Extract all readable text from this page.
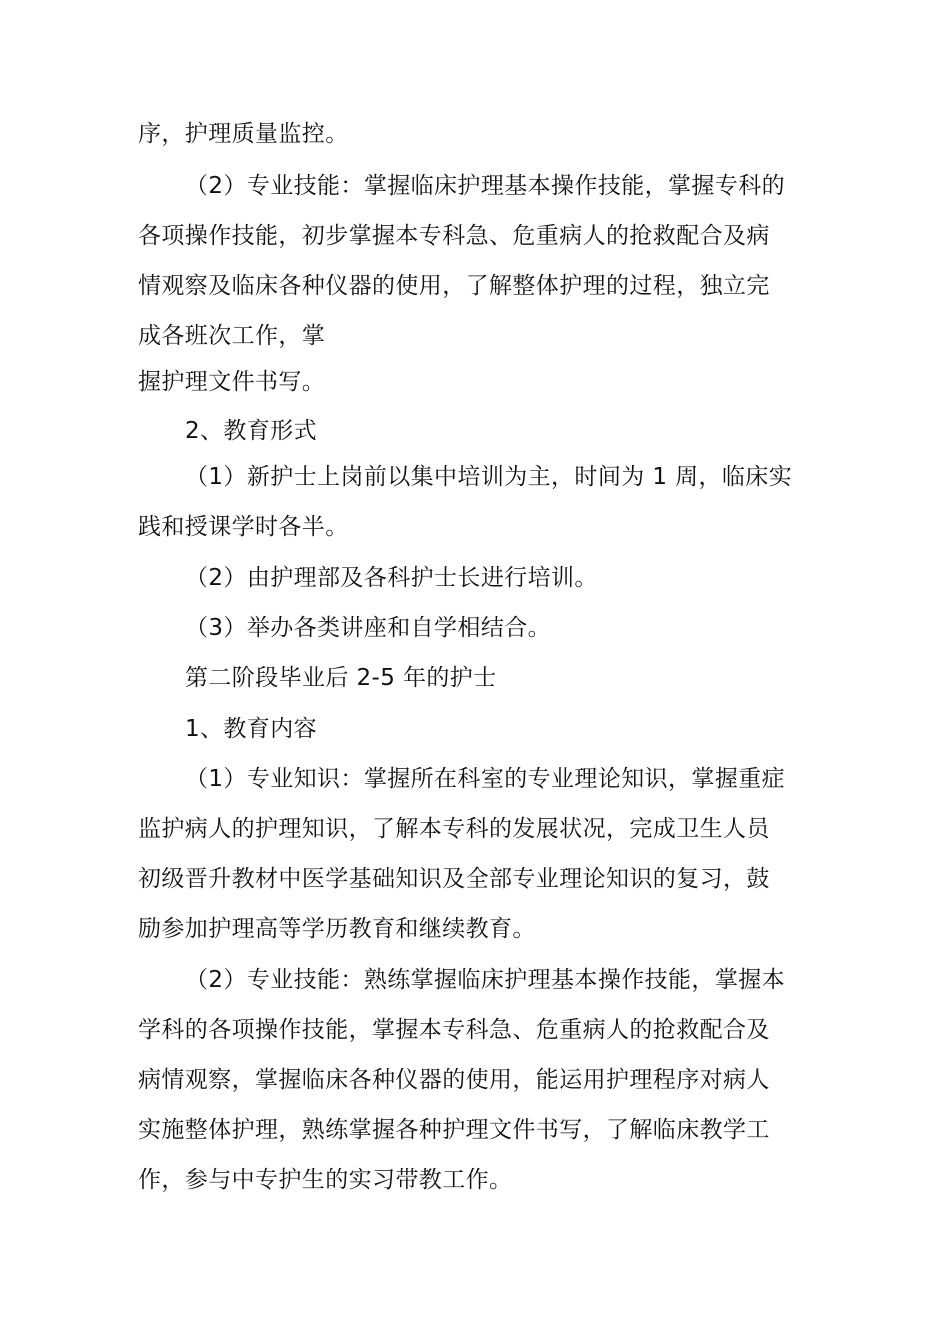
序，护理质量监控。
（2）专业技能：掌握临床护理基本操作技能，掌握专科的
各项操作技能，初步掌握本专科急、危重病人的抢救配合及病
情观察及临床各种仪器的使用，了解整体护理的过程，独立完
成各班次工作，掌
握护理文件书写。
2、教育形式
（1）新护士上岗前以集中培训为主，时间为 1 周，临床实
践和授课学时各半。
（2）由护理部及各科护士长进行培训。
（3）举办各类讲座和自学相结合。
第二阶段毕业后 2-5 年的护士
1、教育内容
（1）专业知识：掌握所在科室的专业理论知识，掌握重症
监护病人的护理知识，了解本专科的发展状况，完成卫生人员
初级晋升教材中医学基础知识及全部专业理论知识的复习，鼓
励参加护理高等学历教育和继续教育。
（2）专业技能：熟练掌握临床护理基本操作技能，掌握本
学科的各项操作技能，掌握本专科急、危重病人的抢救配合及
病情观察，掌握临床各种仪器的使用，能运用护理程序对病人
实施整体护理，熟练掌握各种护理文件书写，了解临床教学工
作，参与中专护生的实习带教工作。
